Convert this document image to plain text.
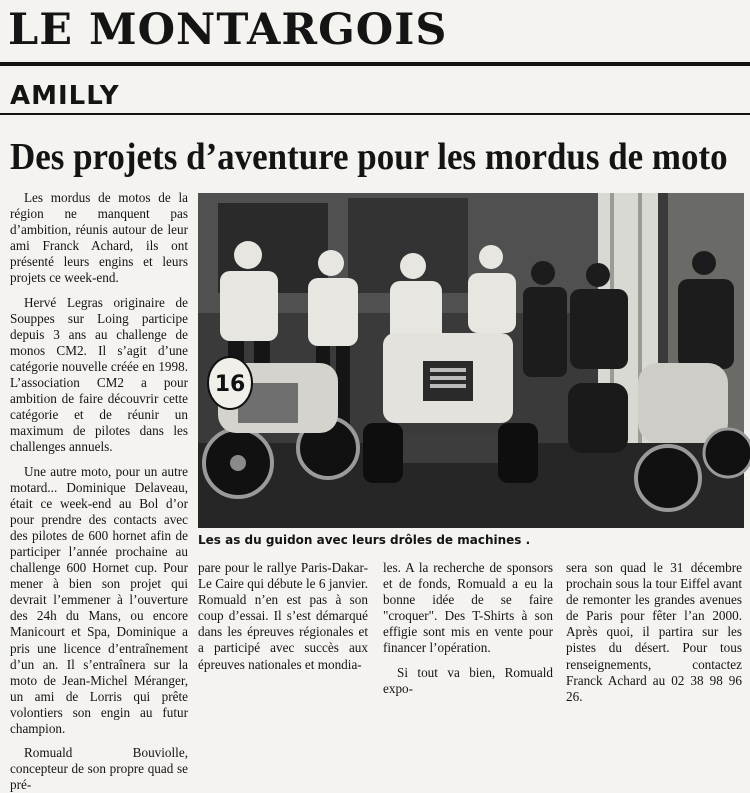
LE MONTARGOIS
AMILLY
Des projets d’aventure pour les mordus de moto

Les mordus de motos de la région ne manquent pas d’ambition, réunis autour de leur ami Franck Achard, ils ont présenté leurs engins et leurs projets ce week-end.

Hervé Legras originaire de Souppes sur Loing participe depuis 3 ans au challenge de monos CM2. Il s’agit d’une catégorie nouvelle créée en 1998. L’association CM2 a pour ambition de faire découvrir cette catégorie et de réunir un maximum de pilotes dans les challenges annuels.

Une autre moto, pour un autre motard... Dominique Delaveau, était ce week-end au Bol d’or pour prendre des contacts avec des pilotes de 600 hornet afin de participer l’année prochaine au challenge 600 Hornet cup. Pour mener à bien son projet qui devrait l’emmener à l’ouverture des 24h du Mans, ou encore Manicourt et Spa, Dominique a pris une licence d’entraînement d’un an. Il s’entraînera sur la moto de Jean-Michel Méranger, un ami de Lorris qui prête volontiers son engin au futur champion.

Romuald Bouviolle, concepteur de son propre quad se pré-

16
Les as du guidon avec leurs drôles de machines .

pare pour le rallye Paris-Dakar-Le Caire qui débute le 6 janvier. Romuald n’en est pas à son coup d’essai. Il s’est démarqué dans les épreuves régionales et a participé avec succès aux épreuves nationales et mondia-

les. A la recherche de sponsors et de fonds, Romuald a eu la bonne idée de se faire "croquer". Des T-Shirts à son effigie sont mis en vente pour financer l’opération.

Si tout va bien, Romuald expo-

sera son quad le 31 décembre prochain sous la tour Eiffel avant de remonter les grandes avenues de Paris pour fêter l’an 2000. Après quoi, il partira sur les pistes du désert. Pour tous renseignements, contactez Franck Achard au 02 38 98 96 26.
